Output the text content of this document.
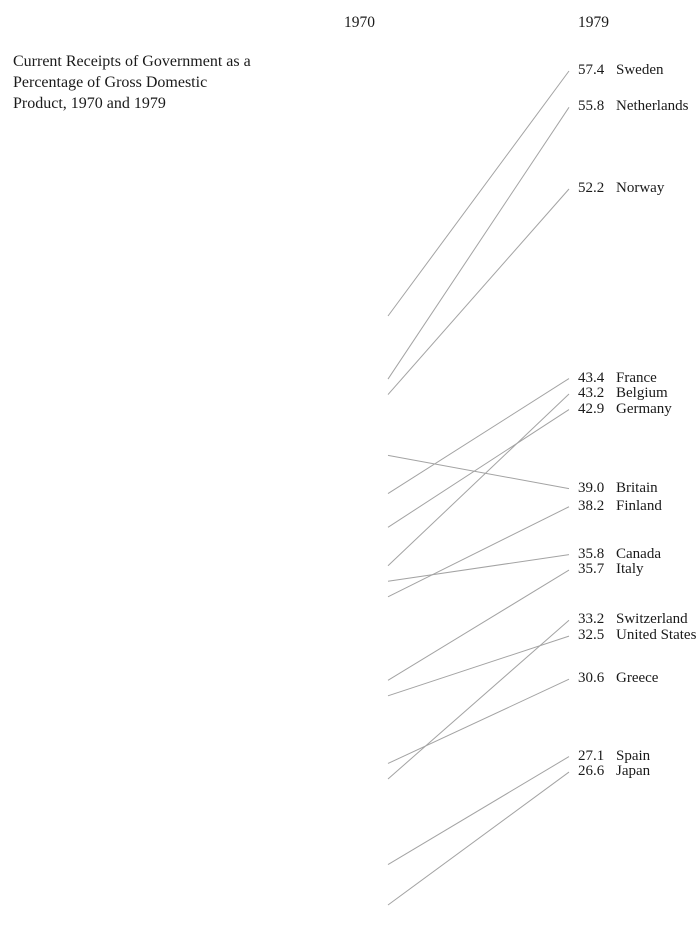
Current Receipts of Government as a
Percentage of Gross Domestic
Product, 1970 and 1979
1970	1979
57.4 Sweden
55.8 Netherlands
52.2 Norway
39.0 Britain
43.4 France
42.9 Germany
43.2 Belgium
35.8 Canada
38.2 Finland
35.7 Italy
32.5 United States
30.6 Greece
33.2 Switzerland
27.1 Spain
26.6 Japan
